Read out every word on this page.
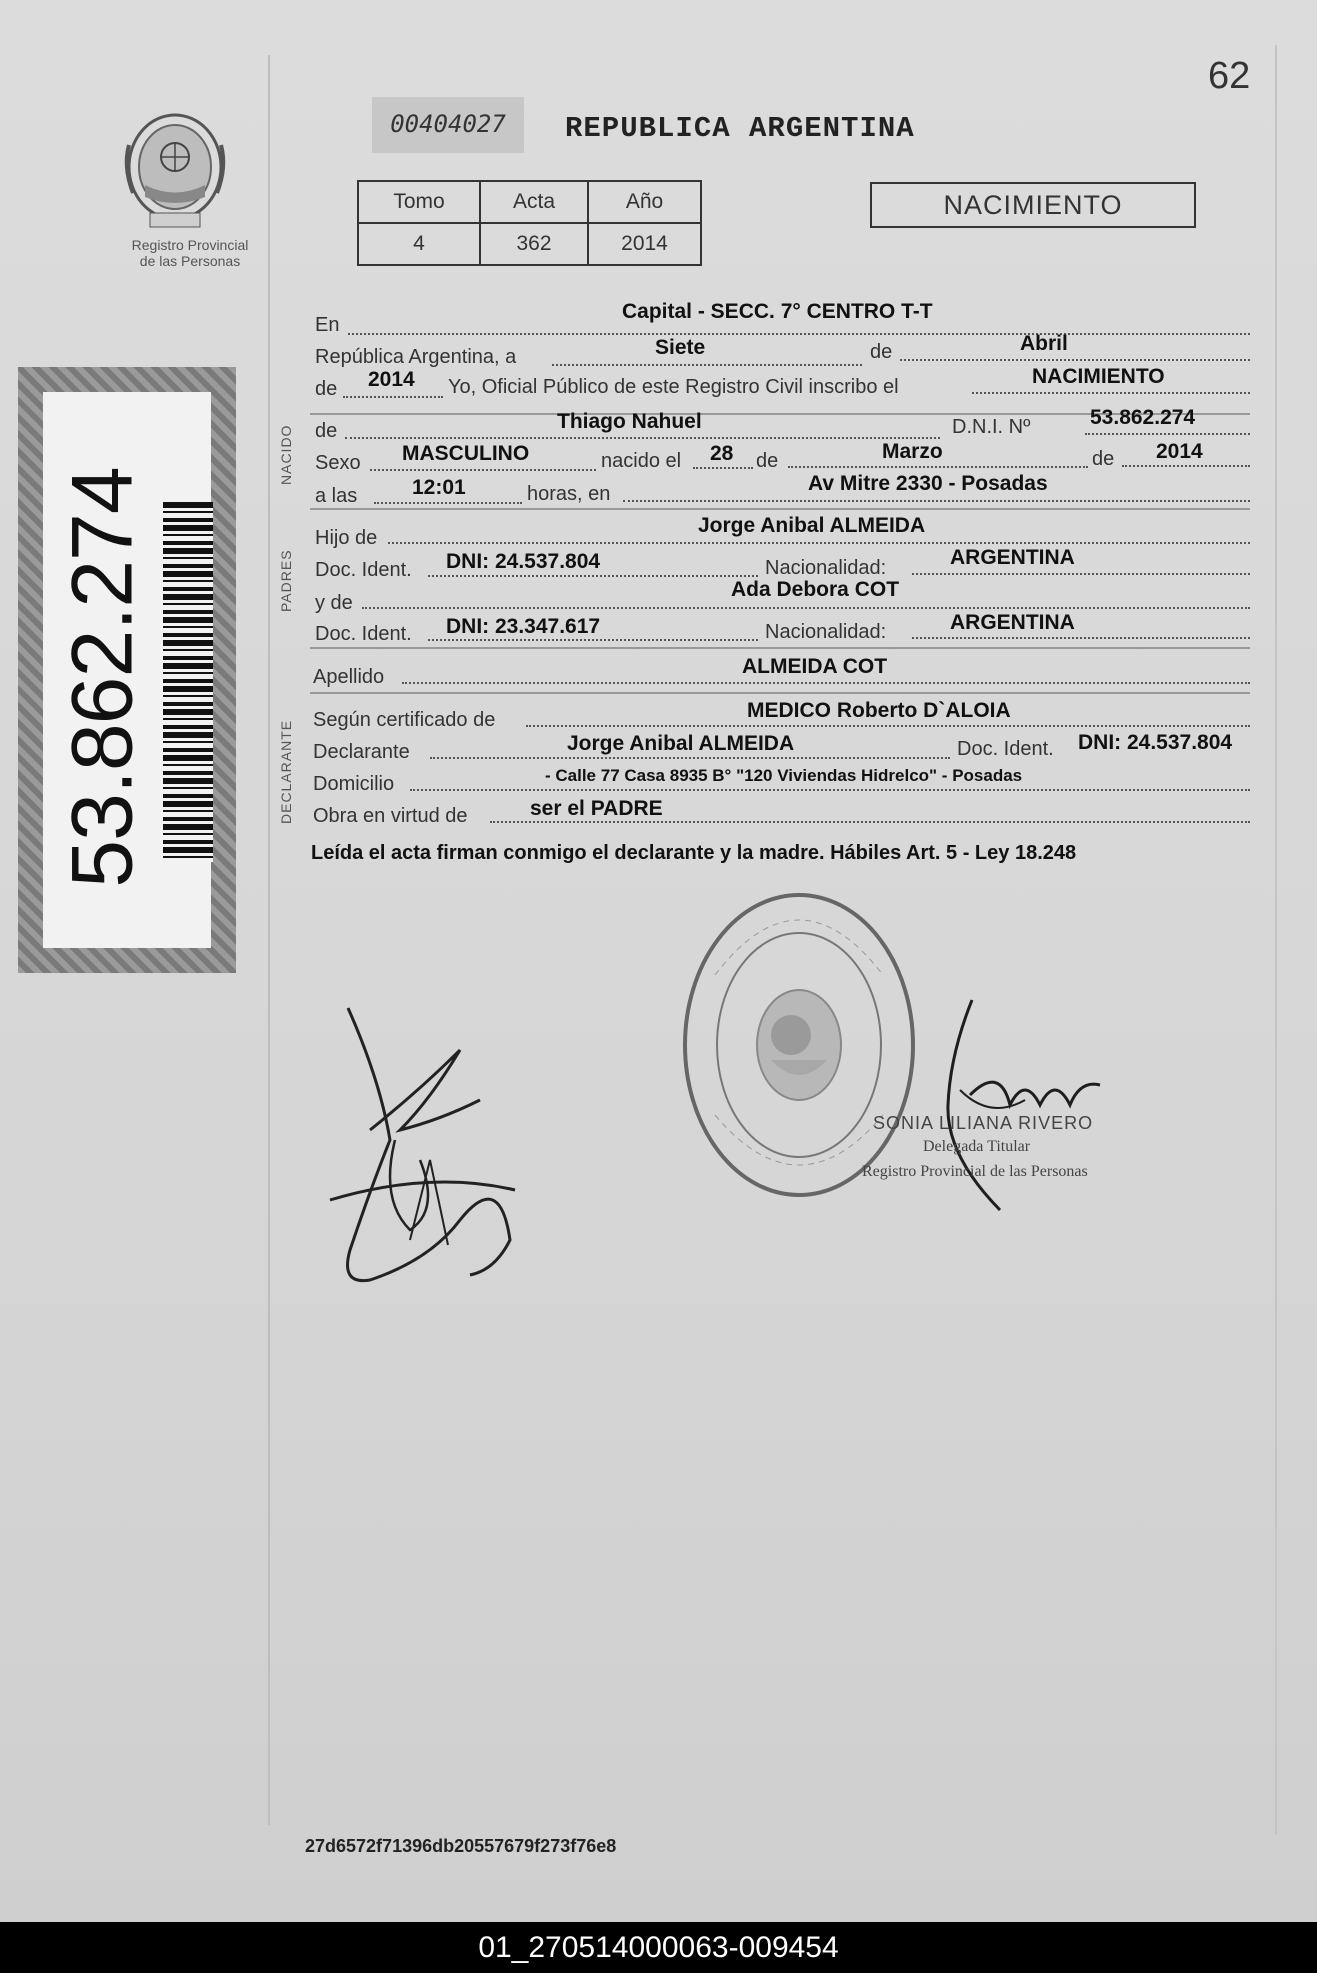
62
Registro Provincial
de las Personas
53.862.274
00404027	REPUBLICA ARGENTINA
Tomo	Acta	Año
4	362	2014
NACIMIENTO
NACIDO
PADRES
DECLARANTE
En
Capital - SECC. 7° CENTRO T-T
República Argentina, a	Siete	de	Abril
de 2014 Yo, Oficial Público de este Registro Civil inscribo el	NACIMIENTO
de	Thiago Nahuel	D.N.I. Nº	53.862.274
Sexo MASCULINO	nacido el 28 de	Marzo	de 2014
a las	12:01	horas, en	Av Mitre 2330 - Posadas
Hijo de
Jorge Anibal ALMEIDA
Doc. Ident. DNI: 24.537.804	Nacionalidad:	ARGENTINA
y de
Ada Debora COT
Doc. Ident. DNI: 23.347.617	Nacionalidad:	ARGENTINA
Apellido	ALMEIDA COT
Según certificado de	MEDICO Roberto D`ALOIA
Declarante	Jorge Anibal ALMEIDA	Doc. Ident. DNI: 24.537.804
Domicilio	- Calle 77 Casa 8935 B° "120 Viviendas Hidrelco" - Posadas
Obra en virtud de	ser el PADRE
Leída el acta firman conmigo el declarante y la madre. Hábiles Art. 5 - Ley 18.248
SONIA LILIANA RIVERO
Delegada Titular
Registro Provincial de las Personas
27d6572f71396db20557679f273f76e8
01_270514000063-009454
